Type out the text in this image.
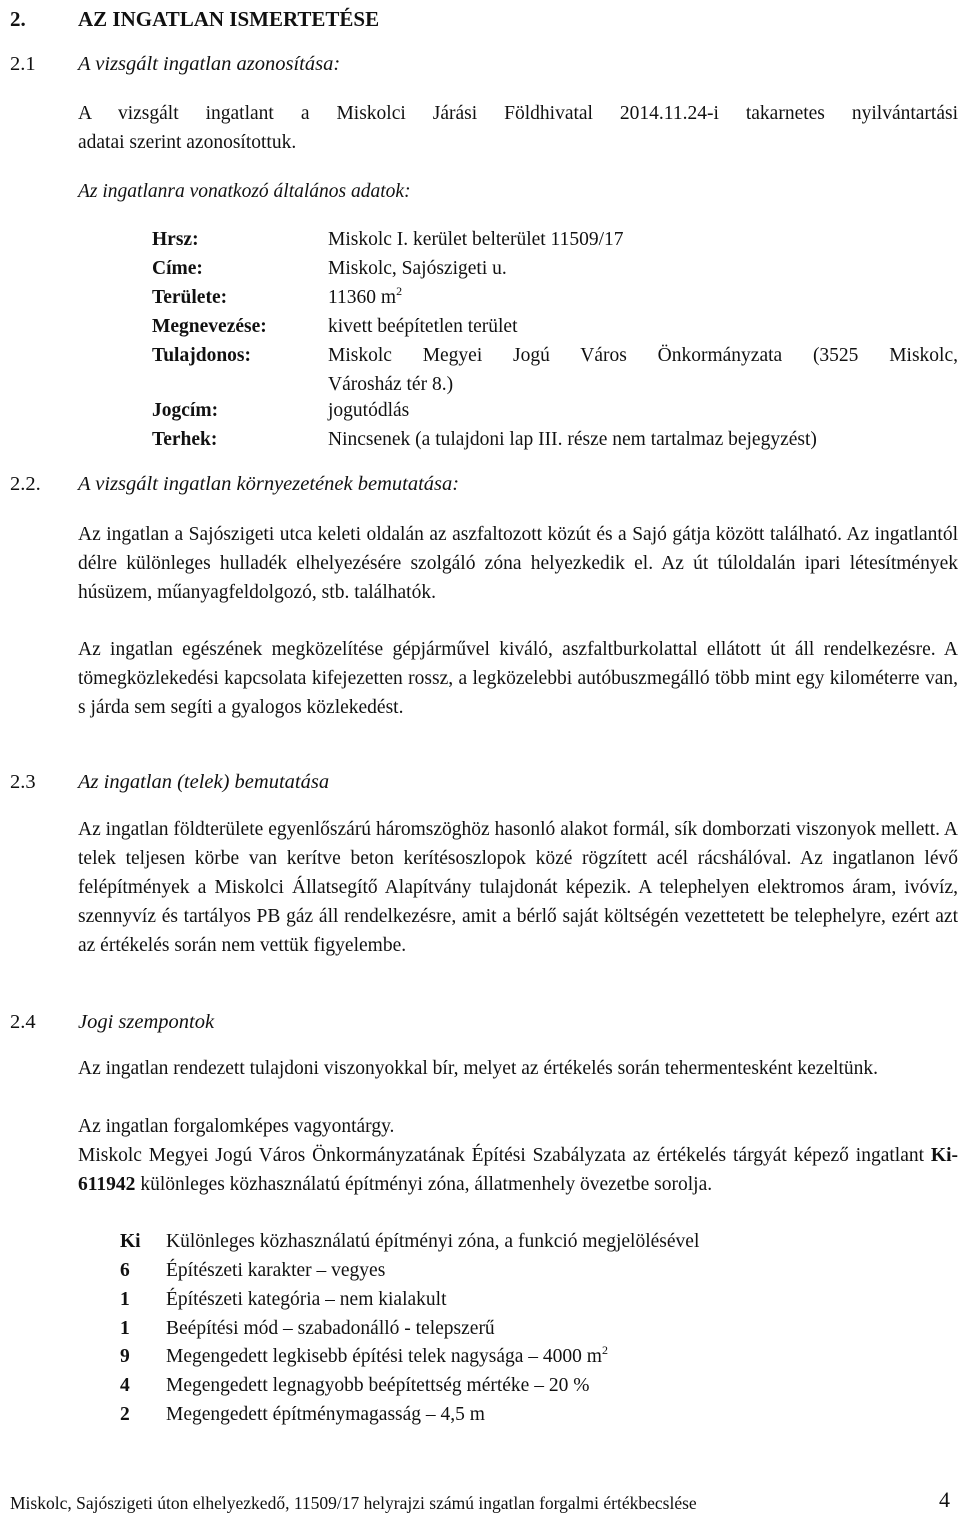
2. AZ INGATLAN ISMERTETÉSE
2.1 A vizsgált ingatlan azonosítása:
A vizsgált ingatlant a Miskolci Járási Földhivatal 2014.11.24-i takarnetes nyilvántartási
adatai szerint azonosítottuk.
Az ingatlanra vonatkozó általános adatok:
Hrsz:	Miskolc I. kerület belterület 11509/17
Címe:	Miskolc, Sajószigeti u.
Területe:	11360 $m^2$
Megnevezése:	kivett beépítetlen terület
Tulajdonos:	Miskolc Megyei Jogú Város Önkormányzata (3525 Miskolc,
Városház tér 8.)
Jogcím:	jogutódlás
Terhek:	Nincsenek (a tulajdoni lap III. része nem tartalmaz bejegyzést)
2.2. A vizsgált ingatlan környezetének bemutatása:
Az ingatlan a Sajószigeti utca keleti oldalán az aszfaltozott közút és a Sajó gátja között található. Az ingatlantól délre különleges hulladék elhelyezésére szolgáló zóna helyezkedik el. Az út túloldalán ipari létesítmények húsüzem, műanyagfeldolgozó, stb. találhatók.
Az ingatlan egészének megközelítése gépjárművel kiváló, aszfaltburkolattal ellátott út áll rendelkezésre. A tömegközlekedési kapcsolata kifejezetten rossz, a legközelebbi autóbuszmegálló több mint egy kilométerre van, s járda sem segíti a gyalogos közlekedést.
2.3 Az ingatlan (telek) bemutatása
Az ingatlan földterülete egyenlőszárú háromszöghöz hasonló alakot formál, sík domborzati viszonyok mellett. A telek teljesen körbe van kerítve beton kerítésoszlopok közé rögzített acél rácshálóval. Az ingatlanon lévő felépítmények a Miskolci Állatsegítő Alapítvány tulajdonát képezik. A telephelyen elektromos áram, ivóvíz, szennyvíz és tartályos PB gáz áll rendelkezésre, amit a bérlő saját költségén vezettetett be telephelyre, ezért azt az értékelés során nem vettük figyelembe.
2.4 Jogi szempontok
Az ingatlan rendezett tulajdoni viszonyokkal bír, melyet az értékelés során tehermentesként kezeltünk.
Az ingatlan forgalomképes vagyontárgy.
Miskolc Megyei Jogú Város Önkormányzatának Építési Szabályzata az értékelés tárgyát képező ingatlant Ki-611942 különleges közhasználatú építményi zóna, állatmenhely övezetbe sorolja.
Ki Különleges közhasználatú építményi zóna, a funkció megjelölésével
6 Építészeti karakter – vegyes
1 Építészeti kategória – nem kialakult
1 Beépítési mód – szabadonálló - telepszerű
9 Megengedett legkisebb építési telek nagysága – 4000 $m^2$
4 Megengedett legnagyobb beépítettség mértéke – 20 %
2 Megengedett építménymagasság – 4,5 m
Miskolc, Sajószigeti úton elhelyezkedő, 11509/17 helyrajzi számú ingatlan forgalmi értékbecslése	4
